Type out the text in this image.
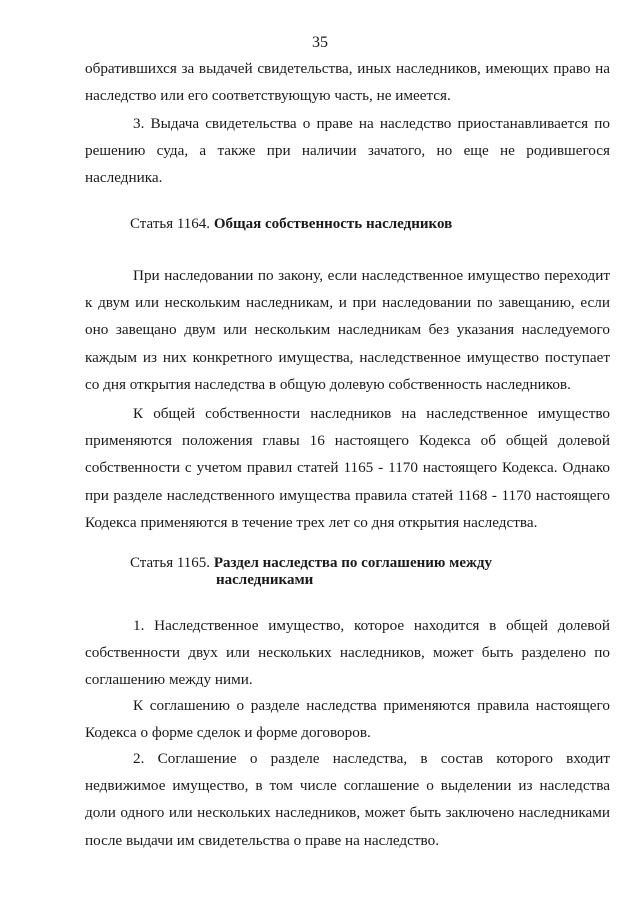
35

обратившихся за выдачей свидетельства, иных наследников, имеющих право на наследство или его соответствующую часть, не имеется.

3. Выдача свидетельства о праве на наследство приостанавливается по решению суда, а также при наличии зачатого, но еще не родившегося наследника.

Статья 1164. Общая собственность наследников

При наследовании по закону, если наследственное имущество переходит к двум или нескольким наследникам, и при наследовании по завещанию, если оно завещано двум или нескольким наследникам без указания наследуемого каждым из них конкретного имущества, наследственное имущество поступает со дня открытия наследства в общую долевую собственность наследников.

К общей собственности наследников на наследственное имущество применяются положения главы 16 настоящего Кодекса об общей долевой собственности с учетом правил статей 1165 - 1170 настоящего Кодекса. Однако при разделе наследственного имущества правила статей 1168 - 1170 настоящего Кодекса применяются в течение трех лет со дня открытия наследства.

Статья 1165. Раздел наследства по соглашению между
наследниками

1. Наследственное имущество, которое находится в общей долевой собственности двух или нескольких наследников, может быть разделено по соглашению между ними.

К соглашению о разделе наследства применяются правила настоящего Кодекса о форме сделок и форме договоров.

2. Соглашение о разделе наследства, в состав которого входит недвижимое имущество, в том числе соглашение о выделении из наследства доли одного или нескольких наследников, может быть заключено наследниками после выдачи им свидетельства о праве на наследство.
